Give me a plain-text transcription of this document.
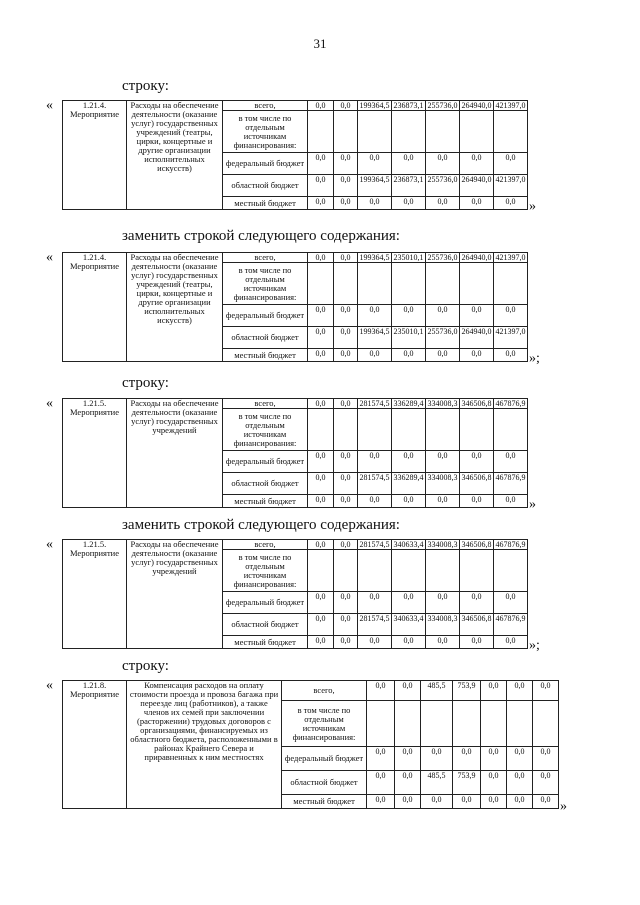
31
строку:
«	1.21.4.
Мероприятие	Расходы на обеспечение деятельности (оказание услуг) государственных учреждений (театры, цирки, концертные и другие организации исполнительных искусств)	всего,	0,0	0,0	199364,5	236873,1	255736,0	264940,0	421397,0
		в том числе по отдельным источникам финансирования:							
		федеральный бюджет	0,0	0,0	0,0	0,0	0,0	0,0	0,0
		областной бюджет	0,0	0,0	199364,5	236873,1	255736,0	264940,0	421397,0
		местный бюджет	0,0	0,0	0,0	0,0	0,0	0,0	0,0 »
заменить строкой следующего содержания:
«	1.21.4.
Мероприятие	Расходы на обеспечение деятельности (оказание услуг) государственных учреждений (театры, цирки, концертные и другие организации исполнительных искусств)	всего,	0,0	0,0	199364,5	235010,1	255736,0	264940,0	421397,0
		в том числе по отдельным источникам финансирования:							
		федеральный бюджет	0,0	0,0	0,0	0,0	0,0	0,0	0,0
		областной бюджет	0,0	0,0	199364,5	235010,1	255736,0	264940,0	421397,0
		местный бюджет	0,0	0,0	0,0	0,0	0,0	0,0	0,0 »;
строку:
«	1.21.5.
Мероприятие	Расходы на обеспечение деятельности (оказание услуг) государственных учреждений	всего,	0,0	0,0	281574,5	336289,4	334008,3	346506,8	467876,9
		в том числе по отдельным источникам финансирования:							
		федеральный бюджет	0,0	0,0	0,0	0,0	0,0	0,0	0,0
		областной бюджет	0,0	0,0	281574,5	336289,4	334008,3	346506,8	467876,9
		местный бюджет	0,0	0,0	0,0	0,0	0,0	0,0	0,0 »
заменить строкой следующего содержания:
«	1.21.5.
Мероприятие	Расходы на обеспечение деятельности (оказание услуг) государственных учреждений	всего,	0,0	0,0	281574,5	340633,4	334008,3	346506,8	467876,9
		в том числе по отдельным источникам финансирования:							
		федеральный бюджет	0,0	0,0	0,0	0,0	0,0	0,0	0,0
		областной бюджет	0,0	0,0	281574,5	340633,4	334008,3	346506,8	467876,9
		местный бюджет	0,0	0,0	0,0	0,0	0,0	0,0	0,0 »;
строку:
«	1.21.8.
Мероприятие	Компенсация расходов на оплату стоимости проезда и провоза багажа при переезде лиц (работников), а также членов их семей при заключении (расторжении) трудовых договоров с организациями, финансируемых из областного бюджета, расположенными в районах Крайнего Севера и приравненных к ним местностях	всего,	0,0	0,0	485,5	753,9	0,0	0,0	0,0
		в том числе по отдельным источникам финансирования:							
		федеральный бюджет	0,0	0,0	0,0	0,0	0,0	0,0	0,0
		областной бюджет	0,0	0,0	485,5	753,9	0,0	0,0	0,0
		местный бюджет	0,0	0,0	0,0	0,0	0,0	0,0	0,0 »
